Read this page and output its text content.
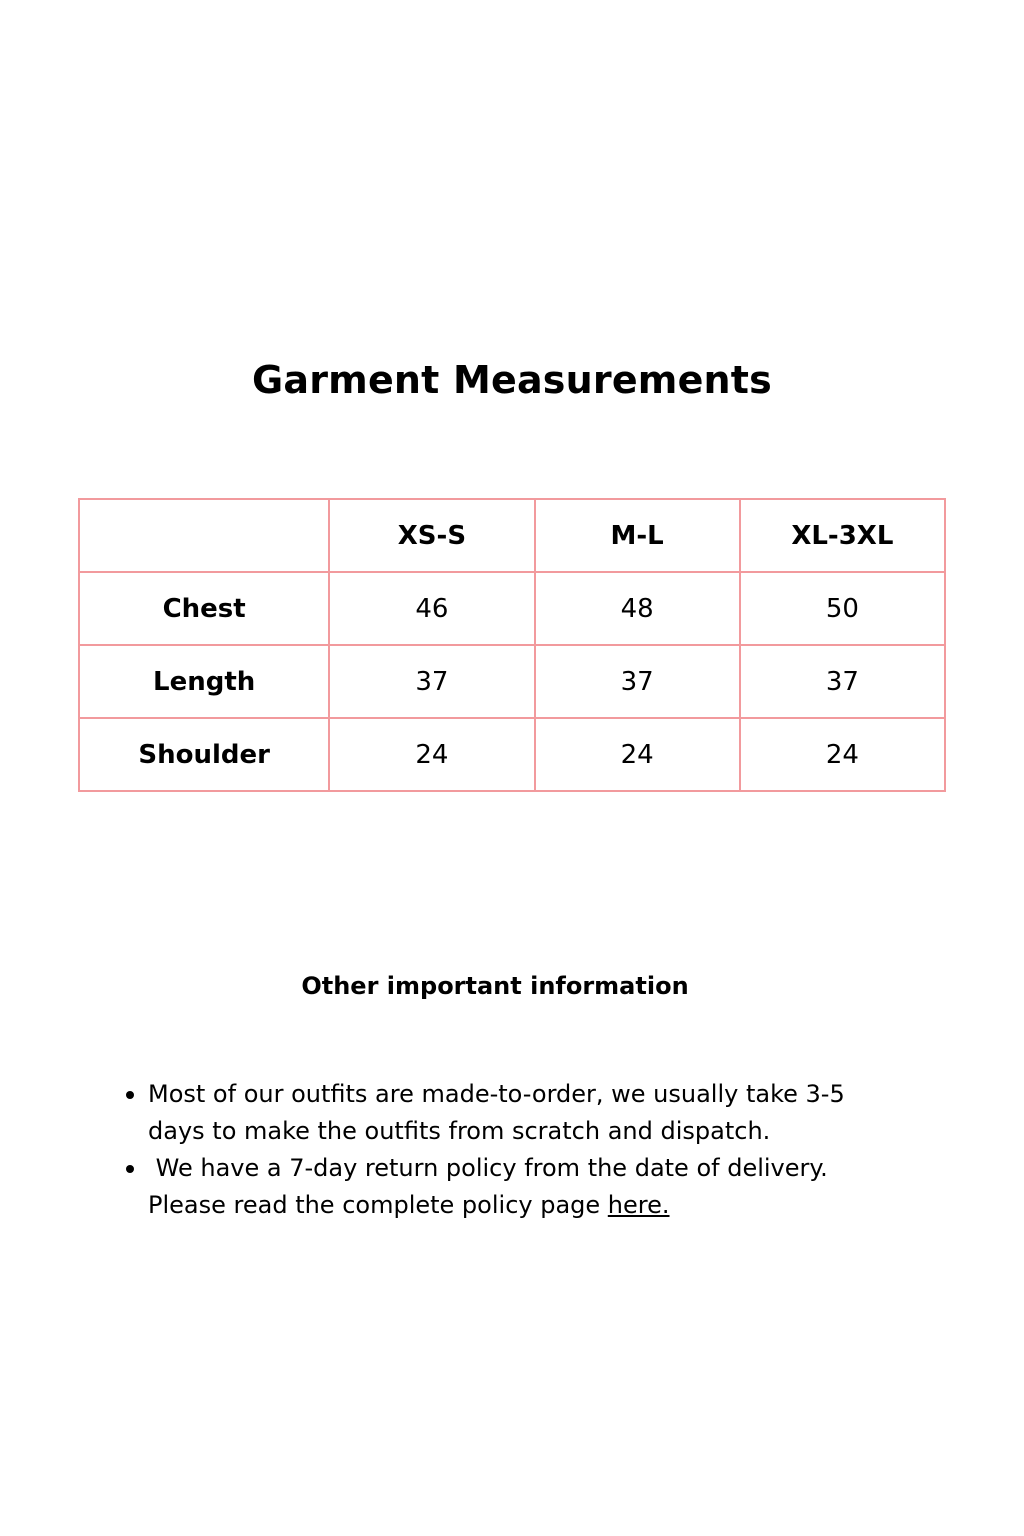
Garment Measurements
	XS-S	M-L	XL-3XL
Chest	46	48	50
Length	37	37	37
Shoulder	24	24	24
Other important information
Most of our outfits are made-to-order, we usually take 3-5 days to make the outfits from scratch and dispatch.
We have a 7-day return policy from the date of delivery. Please read the complete policy page here.
